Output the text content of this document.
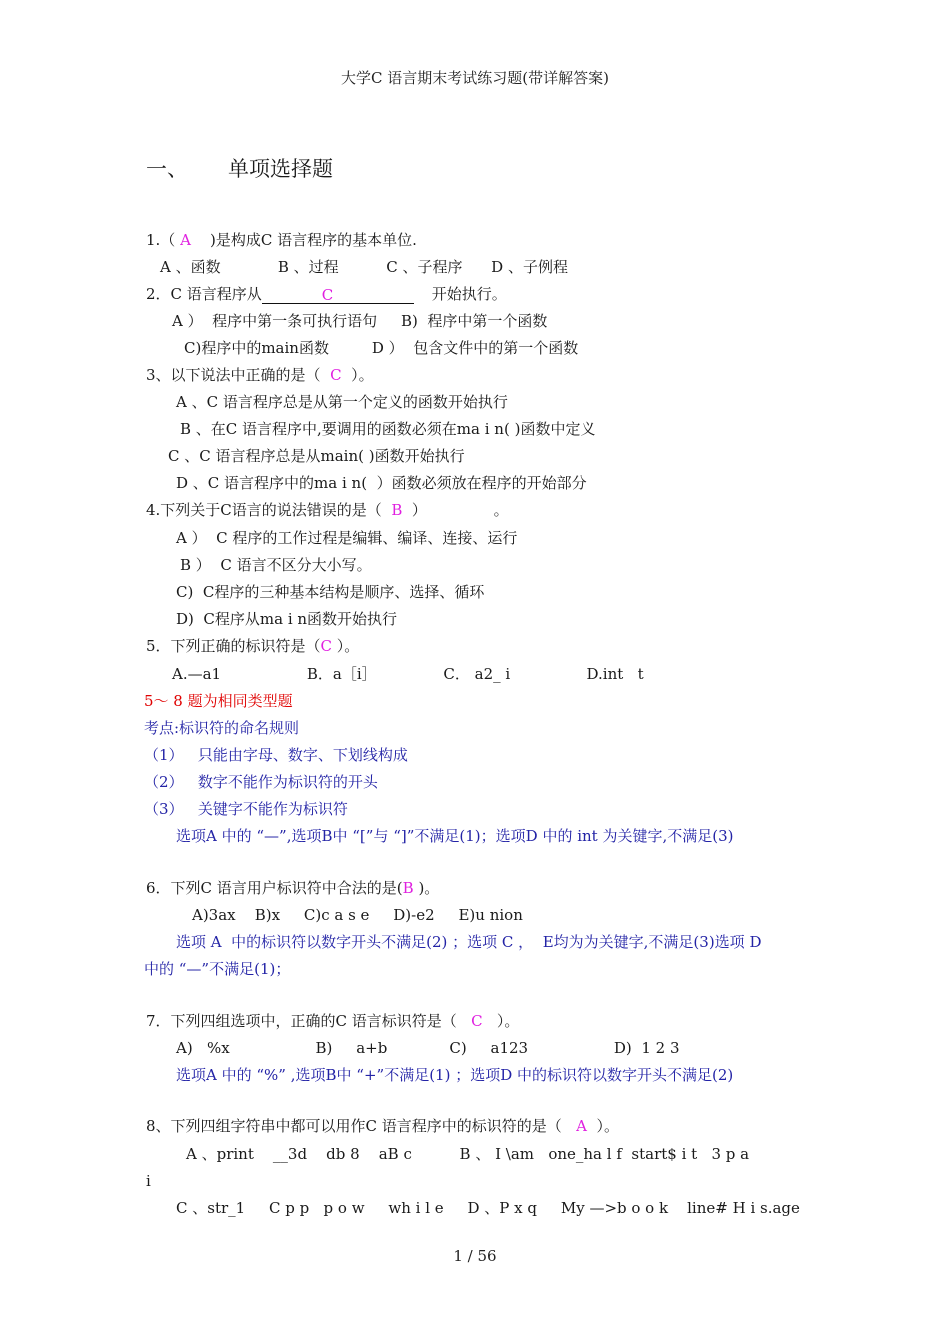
大学C 语言期末考试练习题(带详解答案)
一、 单项选择题
1.（ A    )是构成C 语言程序的基本单位.
A 、函数            B 、过程          C 、子程序      D 、子例程
2．C 语言程序从	C	开始执行。
A ）  程序中第一条可执行语句     B)  程序中第一个函数
C)程序中的main函数         D ）  包含文件中的第一个函数
3、以下说法中正确的是（  C  ）。
A 、C 语言程序总是从第一个定义的函数开始执行
B 、在C 语言程序中,要调用的函数必须在ma i n( )函数中定义
C 、C 语言程序总是从main( )函数开始执行
D 、C 语言程序中的ma i n(  ）函数必须放在程序的开始部分
4.下列关于C语言的说法错误的是（  B  ）              。
A ）  C 程序的工作过程是编辑、编译、连接、运行
B ）  C 语言不区分大小写。
C)  C程序的三种基本结构是顺序、选择、循环
D)  C程序从ma i n函数开始执行
5．下列正确的标识符是（C ）。
A.—a1                  B．a［i］              C． a2_ i                D.int   t
5～ 8 题为相同类型题
考点:标识符的命名规则
（1）   只能由字母、数字、下划线构成
（2）   数字不能作为标识符的开头
（3）   关键字不能作为标识符
选项A 中的 “—”,选项B中 “[”与 “]”不满足(1)；选项D 中的 int 为关键字,不满足(3)
6．下列C 语言用户标识符中合法的是(B )。
A)3ax    B)x     C)c a s e     D)-e2     E)u nion
选项 A  中的标识符以数字开头不满足(2) ；选项 C ，  E均为为关键字,不满足(3)选项 D
中的 “—”不满足(1)；
7．下列四组选项中，正确的C 语言标识符是（   C   ）。
A)   %x                  B)     a+b             C)     a123                  D)  1 2 3
选项A 中的 “%” ,选项B中 “+”不满足(1) ；选项D 中的标识符以数字开头不满足(2)
8、下列四组字符串中都可以用作C 语言程序中的标识符的是（   A  ）。
A 、print    __3d    db 8    aB c          B 、 I \am   one_ha l f  start$ i t   3 p a
i
C 、str_1     C p p   p o w     wh i l e     D 、P x q     My —>b o o k    line# H i s.age
1 / 56
